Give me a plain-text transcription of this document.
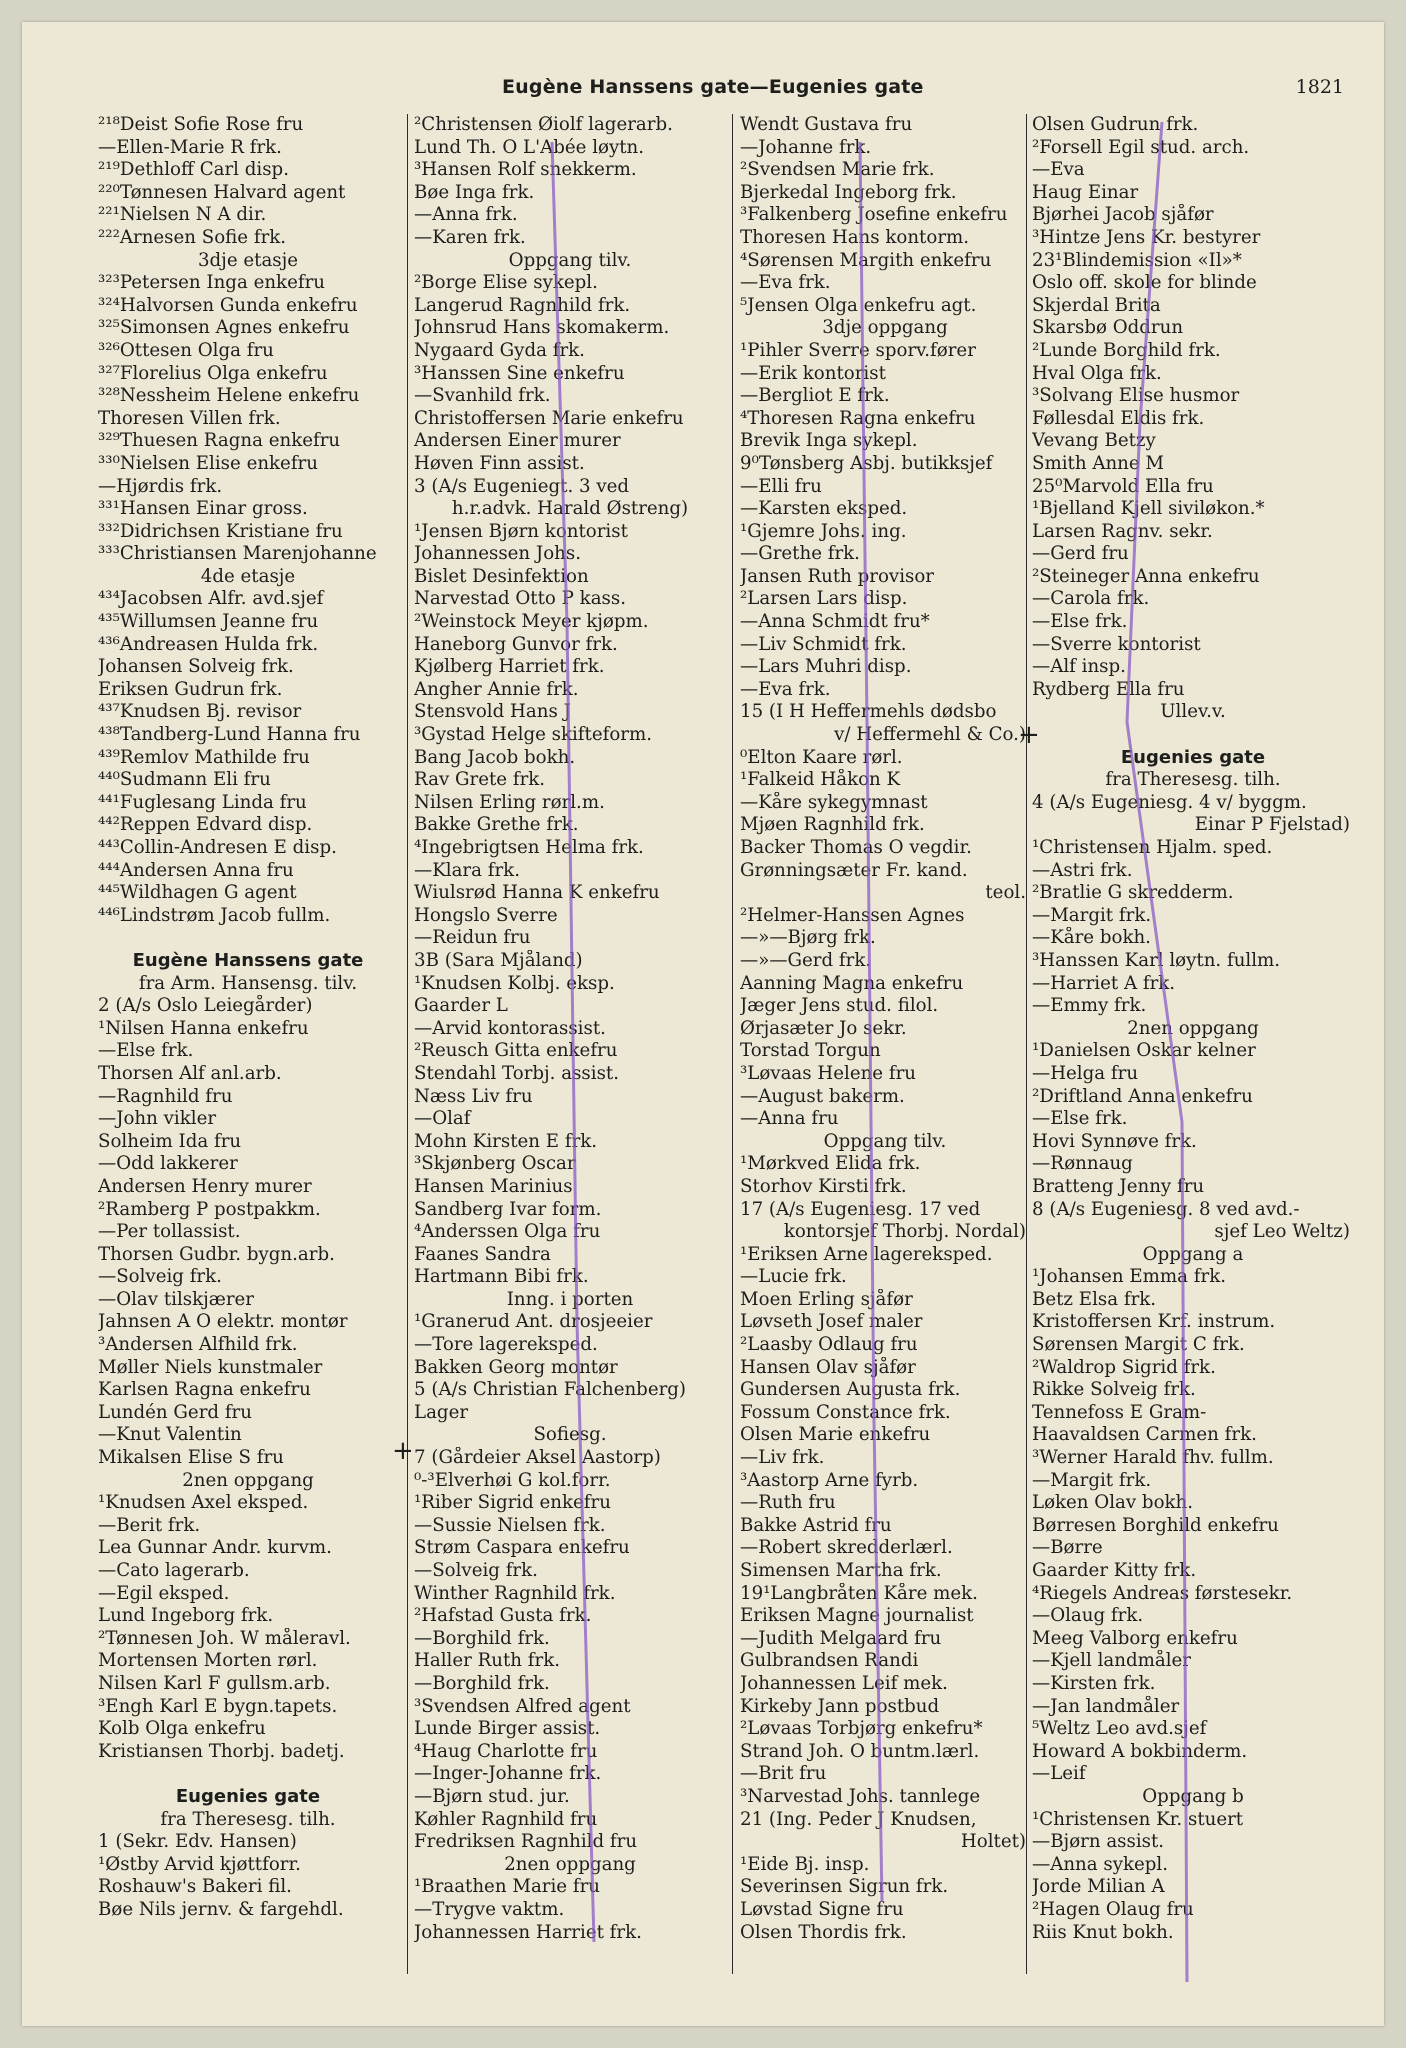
Eugène Hanssens gate—Eugenies gate	1821
²¹⁸Deist Sofie Rose fru
—Ellen-Marie R frk.
²¹⁹Dethloff Carl disp.
²²⁰Tønnesen Halvard agent
²²¹Nielsen N A dir.
²²²Arnesen Sofie frk.
3dje etasje
³²³Petersen Inga enkefru
³²⁴Halvorsen Gunda enkefru
³²⁵Simonsen Agnes enkefru
³²⁶Ottesen Olga fru
³²⁷Florelius Olga enkefru
³²⁸Nessheim Helene enkefru
Thoresen Villen frk.
³²⁹Thuesen Ragna enkefru
³³⁰Nielsen Elise enkefru
—Hjørdis frk.
³³¹Hansen Einar gross.
³³²Didrichsen Kristiane fru
³³³Christiansen Marenjohanne
4de etasje
⁴³⁴Jacobsen Alfr. avd.sjef
⁴³⁵Willumsen Jeanne fru
⁴³⁶Andreasen Hulda frk.
Johansen Solveig frk.
Eriksen Gudrun frk.
⁴³⁷Knudsen Bj. revisor
⁴³⁸Tandberg-Lund Hanna fru
⁴³⁹Remlov Mathilde fru
⁴⁴⁰Sudmann Eli fru
⁴⁴¹Fuglesang Linda fru
⁴⁴²Reppen Edvard disp.
⁴⁴³Collin-Andresen E disp.
⁴⁴⁴Andersen Anna fru
⁴⁴⁵Wildhagen G agent
⁴⁴⁶Lindstrøm Jacob fullm.
Eugène Hanssens gate
fra Arm. Hansensg. tilv.
2 (A/s Oslo Leiegårder)
¹Nilsen Hanna enkefru
—Else frk.
Thorsen Alf anl.arb.
—Ragnhild fru
—John vikler
Solheim Ida fru
—Odd lakkerer
Andersen Henry murer
²Ramberg P postpakkm.
—Per tollassist.
Thorsen Gudbr. bygn.arb.
—Solveig frk.
—Olav tilskjærer
Jahnsen A O elektr. montør
³Andersen Alfhild frk.
Møller Niels kunstmaler
Karlsen Ragna enkefru
Lundén Gerd fru
—Knut Valentin
Mikalsen Elise S fru
2nen oppgang
¹Knudsen Axel eksped.
—Berit frk.
Lea Gunnar Andr. kurvm.
—Cato lagerarb.
—Egil eksped.
Lund Ingeborg frk.
²Tønnesen Joh. W måleravl.
Mortensen Morten rørl.
Nilsen Karl F gullsm.arb.
³Engh Karl E bygn.tapets.
Kolb Olga enkefru
Kristiansen Thorbj. badetj.
Eugenies gate
fra Theresesg. tilh.
1 (Sekr. Edv. Hansen)
¹Østby Arvid kjøttforr.
Roshauw's Bakeri fil.
Bøe Nils jernv. & fargehdl.
²Christensen Øiolf lagerarb.
Lund Th. O L'Abée løytn.
³Hansen Rolf snekkerm.
Bøe Inga frk.
—Anna frk.
—Karen frk.
Oppgang tilv.
²Borge Elise sykepl.
Langerud Ragnhild frk.
Johnsrud Hans skomakerm.
Nygaard Gyda frk.
³Hanssen Sine enkefru
—Svanhild frk.
Christoffersen Marie enkefru
Andersen Einer murer
Høven Finn assist.
3 (A/s Eugeniegt. 3 ved
h.r.advk. Harald Østreng)
¹Jensen Bjørn kontorist
Johannessen Johs.
Bislet Desinfektion
Narvestad Otto P kass.
²Weinstock Meyer kjøpm.
Haneborg Gunvor frk.
Kjølberg Harriet frk.
Angher Annie frk.
Stensvold Hans J
³Gystad Helge skifteform.
Bang Jacob bokh.
Rav Grete frk.
Nilsen Erling rørl.m.
Bakke Grethe frk.
⁴Ingebrigtsen Helma frk.
—Klara frk.
Wiulsrød Hanna K enkefru
Hongslo Sverre
—Reidun fru
3B (Sara Mjåland)
¹Knudsen Kolbj. eksp.
Gaarder L
—Arvid kontorassist.
²Reusch Gitta enkefru
Stendahl Torbj. assist.
Næss Liv fru
—Olaf
Mohn Kirsten E frk.
³Skjønberg Oscar
Hansen Marinius
Sandberg Ivar form.
⁴Anderssen Olga fru
Faanes Sandra
Hartmann Bibi frk.
Inng. i porten
¹Granerud Ant. drosjeeier
—Tore lagereksped.
Bakken Georg montør
5 (A/s Christian Falchenberg)
Lager
Sofiesg.
7 (Gårdeier Aksel Aastorp)
⁰-³Elverhøi G kol.forr.
¹Riber Sigrid enkefru
—Sussie Nielsen frk.
Strøm Caspara enkefru
—Solveig frk.
Winther Ragnhild frk.
²Hafstad Gusta frk.
—Borghild frk.
Haller Ruth frk.
—Borghild frk.
³Svendsen Alfred agent
Lunde Birger assist.
⁴Haug Charlotte fru
—Inger-Johanne frk.
—Bjørn stud. jur.
Køhler Ragnhild fru
Fredriksen Ragnhild fru
2nen oppgang
¹Braathen Marie fru
—Trygve vaktm.
Johannessen Harriet frk.
Wendt Gustava fru
—Johanne frk.
²Svendsen Marie frk.
Bjerkedal Ingeborg frk.
³Falkenberg Josefine enkefru
Thoresen Hans kontorm.
⁴Sørensen Margith enkefru
—Eva frk.
⁵Jensen Olga enkefru agt.
3dje oppgang
¹Pihler Sverre sporv.fører
—Erik kontorist
—Bergliot E frk.
⁴Thoresen Ragna enkefru
Brevik Inga sykepl.
9⁰Tønsberg Asbj. butikksjef
—Elli fru
—Karsten eksped.
¹Gjemre Johs. ing.
—Grethe frk.
Jansen Ruth provisor
²Larsen Lars disp.
—Anna Schmidt fru*
—Liv Schmidt frk.
—Lars Muhri disp.
—Eva frk.
15 (I H Heffermehls dødsbo
v/ Heffermehl & Co.)
⁰Elton Kaare rørl.
¹Falkeid Håkon K
—Kåre sykegymnast
Mjøen Ragnhild frk.
Backer Thomas O vegdir.
Grønningsæter Fr. kand.
teol.
²Helmer-Hanssen Agnes
—»—Bjørg frk.
—»—Gerd frk.
Aanning Magna enkefru
Jæger Jens stud. filol.
Ørjasæter Jo sekr.
Torstad Torgun
³Løvaas Helene fru
—August bakerm.
—Anna fru
Oppgang tilv.
¹Mørkved Elida frk.
Storhov Kirsti frk.
17 (A/s Eugeniesg. 17 ved
kontorsjef Thorbj. Nordal)
¹Eriksen Arne lagereksped.
—Lucie frk.
Moen Erling sjåfør
Løvseth Josef maler
²Laasby Odlaug fru
Hansen Olav sjåfør
Gundersen Augusta frk.
Fossum Constance frk.
Olsen Marie enkefru
—Liv frk.
³Aastorp Arne fyrb.
—Ruth fru
Bakke Astrid fru
—Robert skredderlærl.
Simensen Martha frk.
19¹Langbråten Kåre mek.
Eriksen Magne journalist
—Judith Melgaard fru
Gulbrandsen Randi
Johannessen Leif mek.
Kirkeby Jann postbud
²Løvaas Torbjørg enkefru*
Strand Joh. O buntm.lærl.
—Brit fru
³Narvestad Johs. tannlege
21 (Ing. Peder J Knudsen,
Holtet)
¹Eide Bj. insp.
Severinsen Sigrun frk.
Løvstad Signe fru
Olsen Thordis frk.
Olsen Gudrun frk.
²Forsell Egil stud. arch.
—Eva
Haug Einar
Bjørhei Jacob sjåfør
³Hintze Jens Kr. bestyrer
23¹Blindemission «Il»*
Oslo off. skole for blinde
Skjerdal Brita
Skarsbø Oddrun
²Lunde Borghild frk.
Hval Olga frk.
³Solvang Elise husmor
Føllesdal Eldis frk.
Vevang Betzy
Smith Anne M
25⁰Marvold Ella fru
¹Bjelland Kjell siviløkon.*
Larsen Ragnv. sekr.
—Gerd fru
²Steineger Anna enkefru
—Carola frk.
—Else frk.
—Sverre kontorist
—Alf insp.
Rydberg Ella fru
Ullev.v.
Eugenies gate
fra Theresesg. tilh.
4 (A/s Eugeniesg. 4 v/ byggm.
Einar P Fjelstad)
¹Christensen Hjalm. sped.
—Astri frk.
²Bratlie G skredderm.
—Margit frk.
—Kåre bokh.
³Hanssen Karl løytn. fullm.
—Harriet A frk.
—Emmy frk.
2nen oppgang
¹Danielsen Oskar kelner
—Helga fru
²Driftland Anna enkefru
—Else frk.
Hovi Synnøve frk.
—Rønnaug
Bratteng Jenny fru
8 (A/s Eugeniesg. 8 ved avd.-
sjef Leo Weltz)
Oppgang a
¹Johansen Emma frk.
Betz Elsa frk.
Kristoffersen Krf. instrum.
Sørensen Margit C frk.
²Waldrop Sigrid frk.
Rikke Solveig frk.
Tennefoss E Gram-
Haavaldsen Carmen frk.
³Werner Harald fhv. fullm.
—Margit frk.
Løken Olav bokh.
Børresen Borghild enkefru
—Børre
Gaarder Kitty frk.
⁴Riegels Andreas førstesekr.
—Olaug frk.
Meeg Valborg enkefru
—Kjell landmåler
—Kirsten frk.
—Jan landmåler
⁵Weltz Leo avd.sjef
Howard A bokbinderm.
—Leif
Oppgang b
¹Christensen Kr. stuert
—Bjørn assist.
—Anna sykepl.
Jorde Milian A
²Hagen Olaug fru
Riis Knut bokh.
+
+
